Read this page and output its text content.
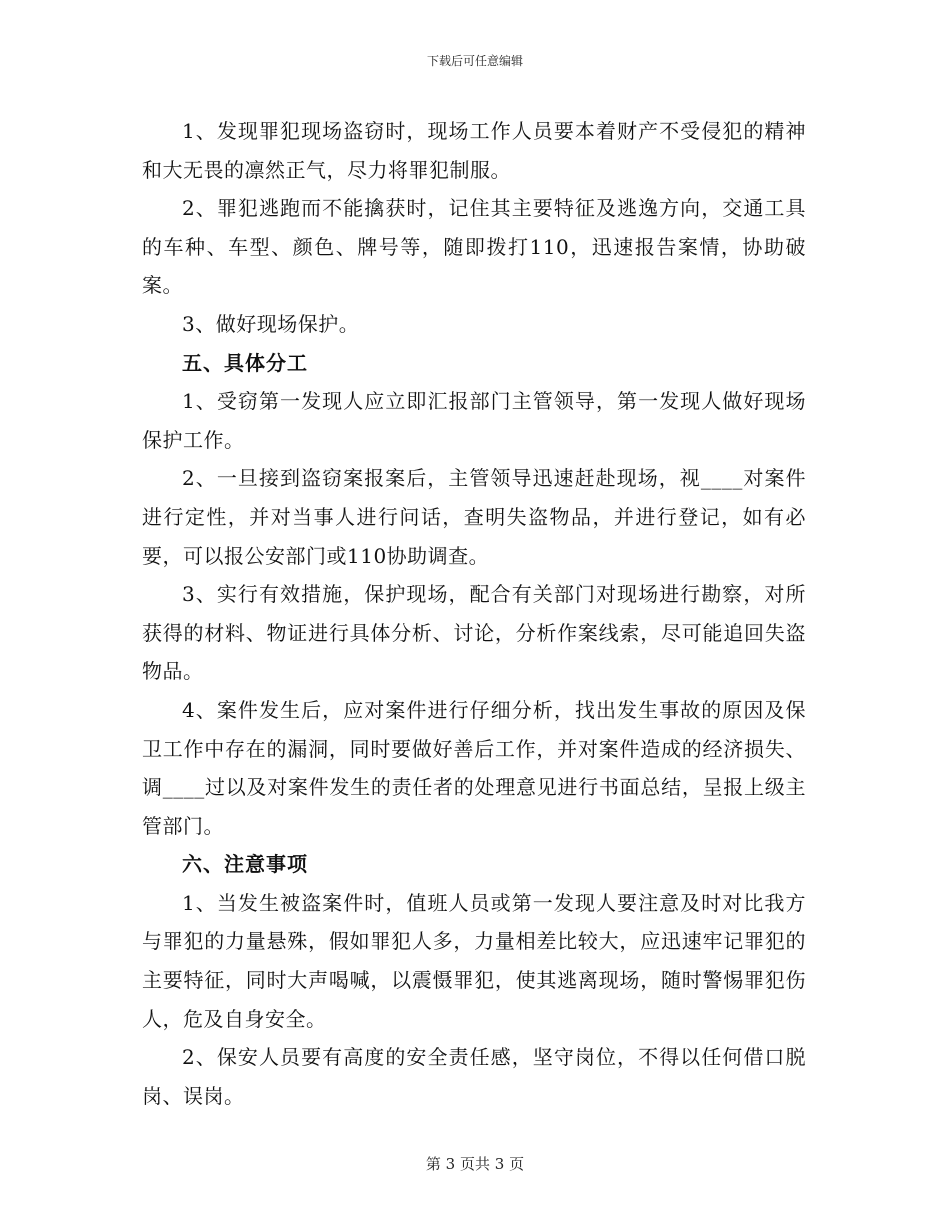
下载后可任意编辑

1、发现罪犯现场盗窃时，现场工作人员要本着财产不受侵犯的精神和大无畏的凛然正气，尽力将罪犯制服。

2、罪犯逃跑而不能擒获时，记住其主要特征及逃逸方向，交通工具的车种、车型、颜色、牌号等，随即拨打110，迅速报告案情，协助破案。

3、做好现场保护。

五、具体分工

1、受窃第一发现人应立即汇报部门主管领导，第一发现人做好现场保护工作。

2、一旦接到盗窃案报案后，主管领导迅速赶赴现场，视____对案件进行定性，并对当事人进行问话，查明失盗物品，并进行登记，如有必要，可以报公安部门或110协助调查。

3、实行有效措施，保护现场，配合有关部门对现场进行勘察，对所获得的材料、物证进行具体分析、讨论，分析作案线索，尽可能追回失盗物品。

4、案件发生后，应对案件进行仔细分析，找出发生事故的原因及保卫工作中存在的漏洞，同时要做好善后工作，并对案件造成的经济损失、调____过以及对案件发生的责任者的处理意见进行书面总结，呈报上级主管部门。

六、注意事项

1、当发生被盗案件时，值班人员或第一发现人要注意及时对比我方与罪犯的力量悬殊，假如罪犯人多，力量相差比较大，应迅速牢记罪犯的主要特征，同时大声喝喊，以震慑罪犯，使其逃离现场，随时警惕罪犯伤人，危及自身安全。

2、保安人员要有高度的安全责任感，坚守岗位，不得以任何借口脱岗、误岗。

第 3 页共 3 页
